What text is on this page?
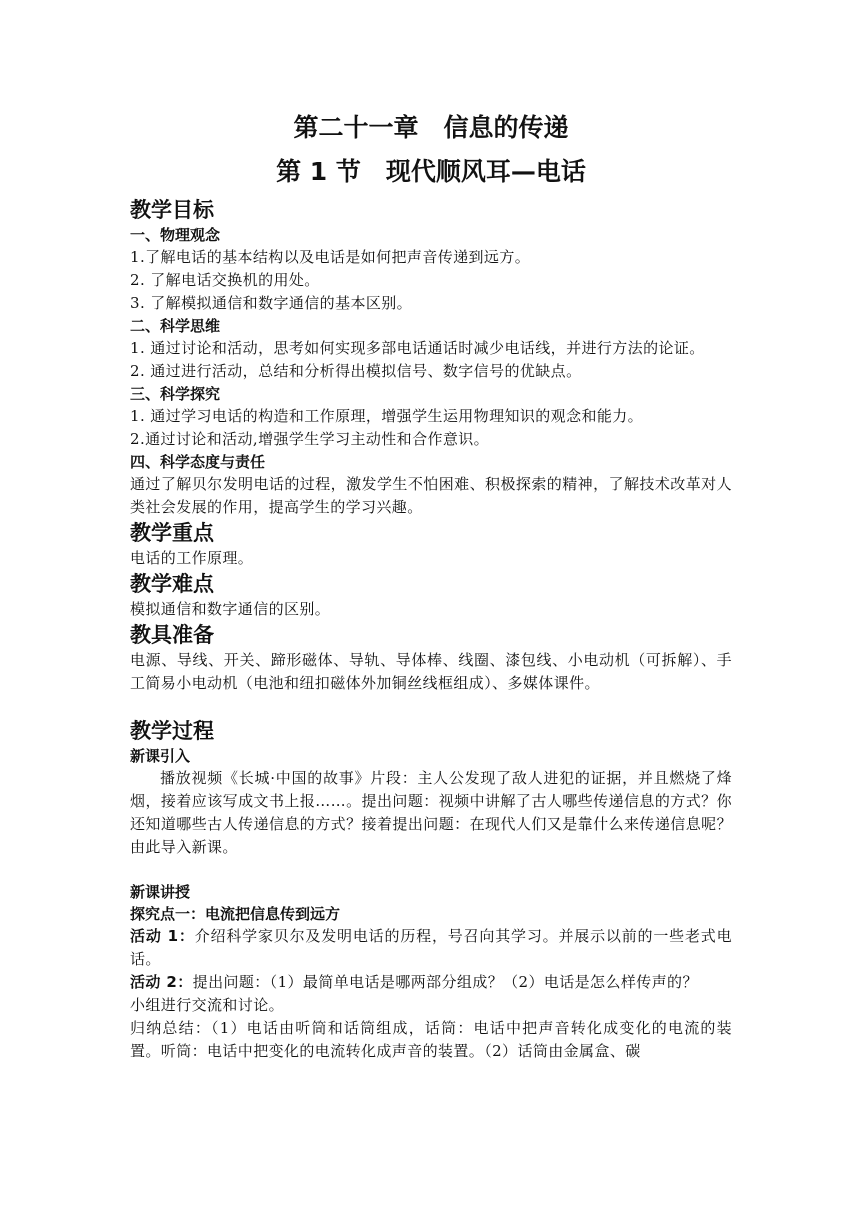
第二十一章　信息的传递

第 1 节　现代顺风耳—电话

教学目标

一、物理观念

1.了解电话的基本结构以及电话是如何把声音传递到远方。

2. 了解电话交换机的用处。

3. 了解模拟通信和数字通信的基本区别。

二、科学思维

1. 通过讨论和活动，思考如何实现多部电话通话时减少电话线，并进行方法的论证。

2. 通过进行活动，总结和分析得出模拟信号、数字信号的优缺点。

三、科学探究

1. 通过学习电话的构造和工作原理，增强学生运用物理知识的观念和能力。

2.通过讨论和活动,增强学生学习主动性和合作意识。

四、科学态度与责任

通过了解贝尔发明电话的过程，激发学生不怕困难、积极探索的精神，了解技术改革对人类社会发展的作用，提高学生的学习兴趣。

教学重点

电话的工作原理。

教学难点

模拟通信和数字通信的区别。

教具准备

电源、导线、开关、蹄形磁体、导轨、导体棒、线圈、漆包线、小电动机（可拆解）、手工简易小电动机（电池和纽扣磁体外加铜丝线框组成）、多媒体课件。

教学过程

新课引入

播放视频《长城·中国的故事》片段：主人公发现了敌人进犯的证据，并且燃烧了烽烟，接着应该写成文书上报……。提出问题：视频中讲解了古人哪些传递信息的方式？你还知道哪些古人传递信息的方式？接着提出问题：在现代人们又是靠什么来传递信息呢？由此导入新课。

新课讲授

探究点一：电流把信息传到远方

活动 1：介绍科学家贝尔及发明电话的历程，号召向其学习。并展示以前的一些老式电话。

活动 2：提出问题：（1）最简单电话是哪两部分组成？（2）电话是怎么样传声的？

小组进行交流和讨论。

归纳总结：（1）电话由听筒和话筒组成，话筒：电话中把声音转化成变化的电流的装置。听筒：电话中把变化的电流转化成声音的装置。（2）话筒由金属盒、碳
